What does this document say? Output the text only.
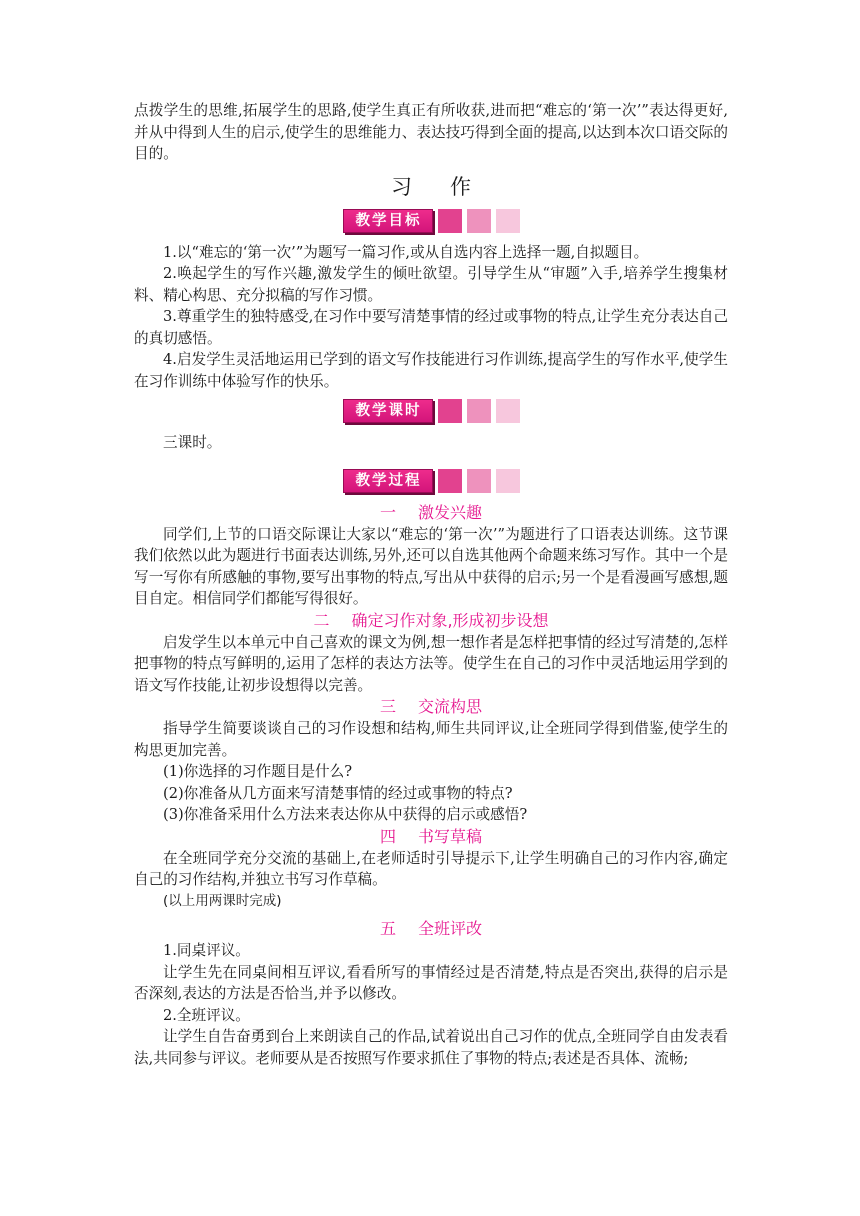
点拨学生的思维,拓展学生的思路,使学生真正有所收获,进而把“难忘的‘第一次’”表达得更好,并从中得到人生的启示,使学生的思维能力、表达技巧得到全面的提高,以达到本次口语交际的目的。

习作
教学目标

1.以“难忘的‘第一次’”为题写一篇习作,或从自选内容上选择一题,自拟题目。

2.唤起学生的写作兴趣,激发学生的倾吐欲望。引导学生从“审题”入手,培养学生搜集材料、精心构思、充分拟稿的写作习惯。

3.尊重学生的独特感受,在习作中要写清楚事情的经过或事物的特点,让学生充分表达自己的真切感悟。

4.启发学生灵活地运用已学到的语文写作技能进行习作训练,提高学生的写作水平,使学生在习作训练中体验写作的快乐。

教学课时

三课时。

教学过程
一 激发兴趣

同学们,上节的口语交际课让大家以“难忘的‘第一次’”为题进行了口语表达训练。这节课我们依然以此为题进行书面表达训练,另外,还可以自选其他两个命题来练习写作。其中一个是写一写你有所感触的事物,要写出事物的特点,写出从中获得的启示;另一个是看漫画写感想,题目自定。相信同学们都能写得很好。

二 确定习作对象,形成初步设想

启发学生以本单元中自己喜欢的课文为例,想一想作者是怎样把事情的经过写清楚的,怎样把事物的特点写鲜明的,运用了怎样的表达方法等。使学生在自己的习作中灵活地运用学到的语文写作技能,让初步设想得以完善。

三 交流构思

指导学生简要谈谈自己的习作设想和结构,师生共同评议,让全班同学得到借鉴,使学生的构思更加完善。

(1)你选择的习作题目是什么?

(2)你准备从几方面来写清楚事情的经过或事物的特点?

(3)你准备采用什么方法来表达你从中获得的启示或感悟?

四 书写草稿

在全班同学充分交流的基础上,在老师适时引导提示下,让学生明确自己的习作内容,确定自己的习作结构,并独立书写习作草稿。

(以上用两课时完成)

五 全班评改

1.同桌评议。

让学生先在同桌间相互评议,看看所写的事情经过是否清楚,特点是否突出,获得的启示是否深刻,表达的方法是否恰当,并予以修改。

2.全班评议。

让学生自告奋勇到台上来朗读自己的作品,试着说出自己习作的优点,全班同学自由发表看法,共同参与评议。老师要从是否按照写作要求抓住了事物的特点;表述是否具体、流畅;
